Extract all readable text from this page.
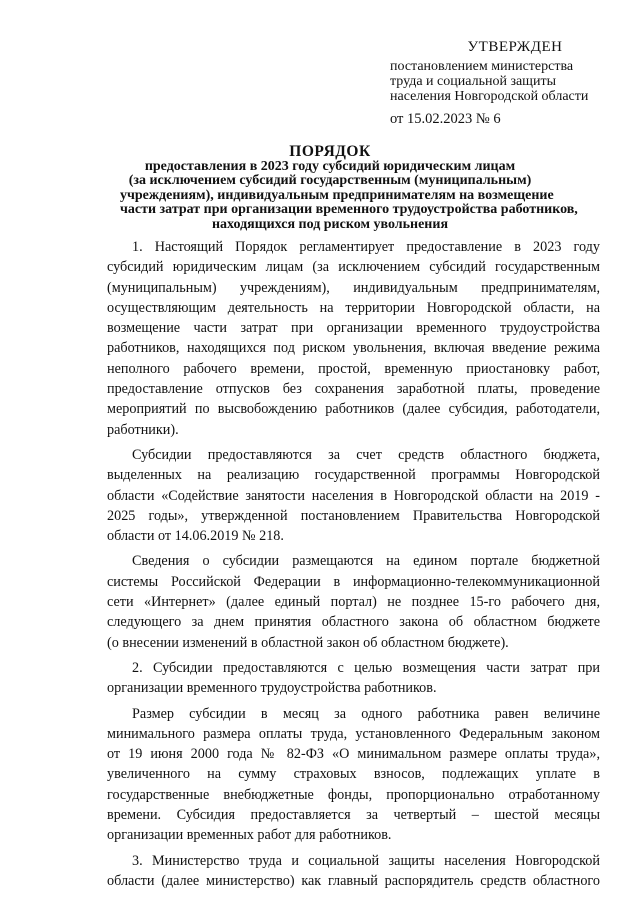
УТВЕРЖДЕН
постановлением министерства
труда и социальной защиты
населения Новгородской области
от 15.02.2023 № 6
ПОРЯДОК
предоставления в 2023 году субсидий юридическим лицам
(за исключением субсидий государственным (муниципальным)
учреждениям), индивидуальным предпринимателям на возмещение
части затрат при организации временного трудоустройства работников,
находящихся под риском увольнения
1. Настоящий Порядок регламентирует предоставление в 2023 году
субсидий юридическим лицам (за исключением субсидий государственным
(муниципальным) учреждениям), индивидуальным предпринимателям,
осуществляющим деятельность на территории Новгородской области, на
возмещение части затрат при организации временного трудоустройства
работников, находящихся под риском увольнения, включая введение режима
неполного рабочего времени, простой, временную приостановку работ,
предоставление отпусков без сохранения заработной платы, проведение
мероприятий по высвобождению работников (далее субсидия, работодатели,
работники).
Субсидии предоставляются за счет средств областного бюджета,
выделенных на реализацию государственной программы Новгородской
области «Содействие занятости населения в Новгородской области на 2019 -
2025 годы», утвержденной постановлением Правительства Новгородской
области от 14.06.2019 № 218.
Сведения о субсидии размещаются на едином портале бюджетной
системы Российской Федерации в информационно-телекоммуникационной
сети «Интернет» (далее единый портал) не позднее 15-го рабочего дня,
следующего за днем принятия областного закона об областном бюджете
(о внесении изменений в областной закон об областном бюджете).
2. Субсидии предоставляются с целью возмещения части затрат при
организации временного трудоустройства работников.
Размер субсидии в месяц за одного работника равен величине
минимального размера оплаты труда, установленного Федеральным законом
от 19 июня 2000 года № 82-ФЗ «О минимальном размере оплаты труда»,
увеличенного на сумму страховых взносов, подлежащих уплате в
государственные внебюджетные фонды, пропорционально отработанному
времени. Субсидия предоставляется за четвертый – шестой месяцы
организации временных работ для работников.
3. Министерство труда и социальной защиты населения Новгородской
области (далее министерство) как главный распорядитель средств областного
